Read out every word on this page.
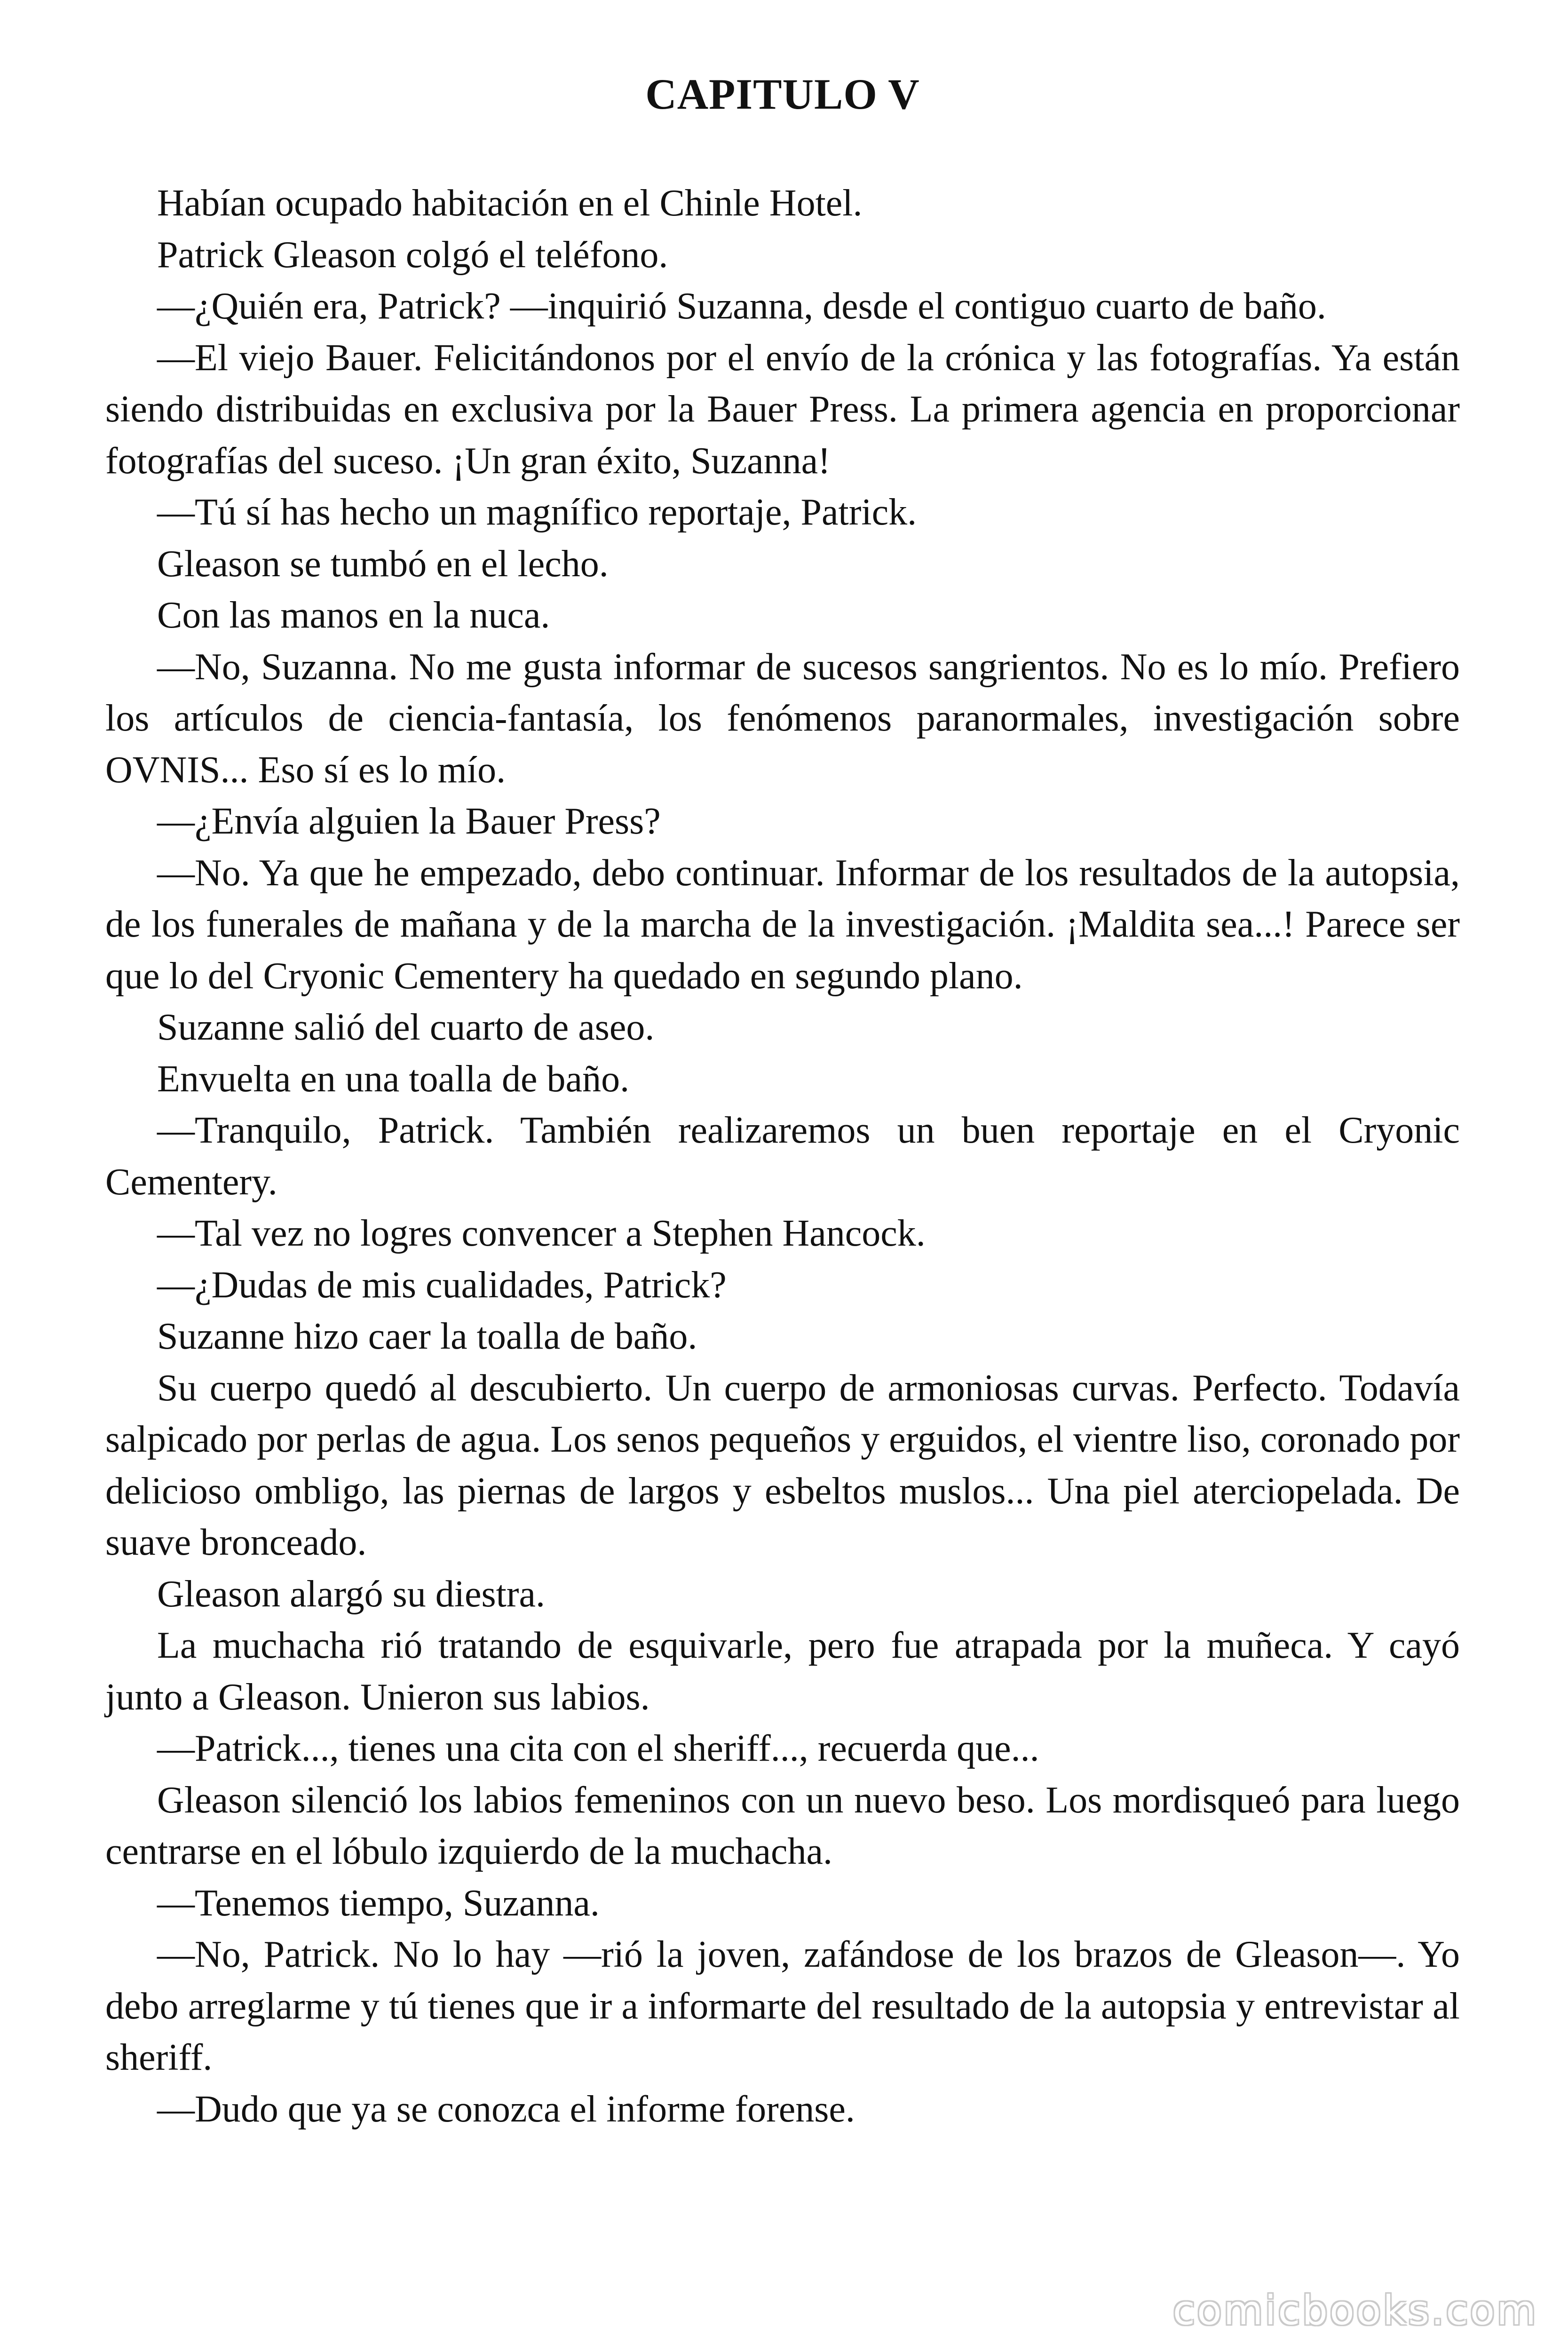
CAPITULO V

Habían ocupado habitación en el Chinle Hotel.

Patrick Gleason colgó el teléfono.

—¿Quién era, Patrick? —inquirió Suzanna, desde el contiguo cuarto de baño.

—El viejo Bauer. Felicitándonos por el envío de la crónica y las fotografías. Ya están siendo distribuidas en exclusiva por la Bauer Press. La primera agencia en proporcionar fotografías del suceso. ¡Un gran éxito, Suzanna!

—Tú sí has hecho un magnífico reportaje, Patrick.

Gleason se tumbó en el lecho.

Con las manos en la nuca.

—No, Suzanna. No me gusta informar de sucesos sangrientos. No es lo mío. Prefiero los artículos de ciencia-fantasía, los fenómenos paranormales, investigación sobre OVNIS... Eso sí es lo mío.

—¿Envía alguien la Bauer Press?

—No. Ya que he empezado, debo continuar. Informar de los resultados de la autopsia, de los funerales de mañana y de la marcha de la investigación. ¡Maldita sea...! Parece ser que lo del Cryonic Cementery ha quedado en segundo plano.

Suzanne salió del cuarto de aseo.

Envuelta en una toalla de baño.

—Tranquilo, Patrick. También realizaremos un buen reportaje en el Cryonic Cementery.

—Tal vez no logres convencer a Stephen Hancock.

—¿Dudas de mis cualidades, Patrick?

Suzanne hizo caer la toalla de baño.

Su cuerpo quedó al descubierto. Un cuerpo de armoniosas curvas. Perfecto. Todavía salpicado por perlas de agua. Los senos pequeños y erguidos, el vientre liso, coronado por delicioso ombligo, las piernas de largos y esbeltos muslos... Una piel aterciopelada. De suave bronceado.

Gleason alargó su diestra.

La muchacha rió tratando de esquivarle, pero fue atrapada por la muñeca. Y cayó junto a Gleason. Unieron sus labios.

—Patrick..., tienes una cita con el sheriff..., recuerda que...

Gleason silenció los labios femeninos con un nuevo beso. Los mordisqueó para luego centrarse en el lóbulo izquierdo de la muchacha.

—Tenemos tiempo, Suzanna.

—No, Patrick. No lo hay —rió la joven, zafándose de los brazos de Gleason—. Yo debo arreglarme y tú tienes que ir a informarte del resultado de la autopsia y entrevistar al sheriff.

—Dudo que ya se conozca el informe forense.

comicbooks.com
